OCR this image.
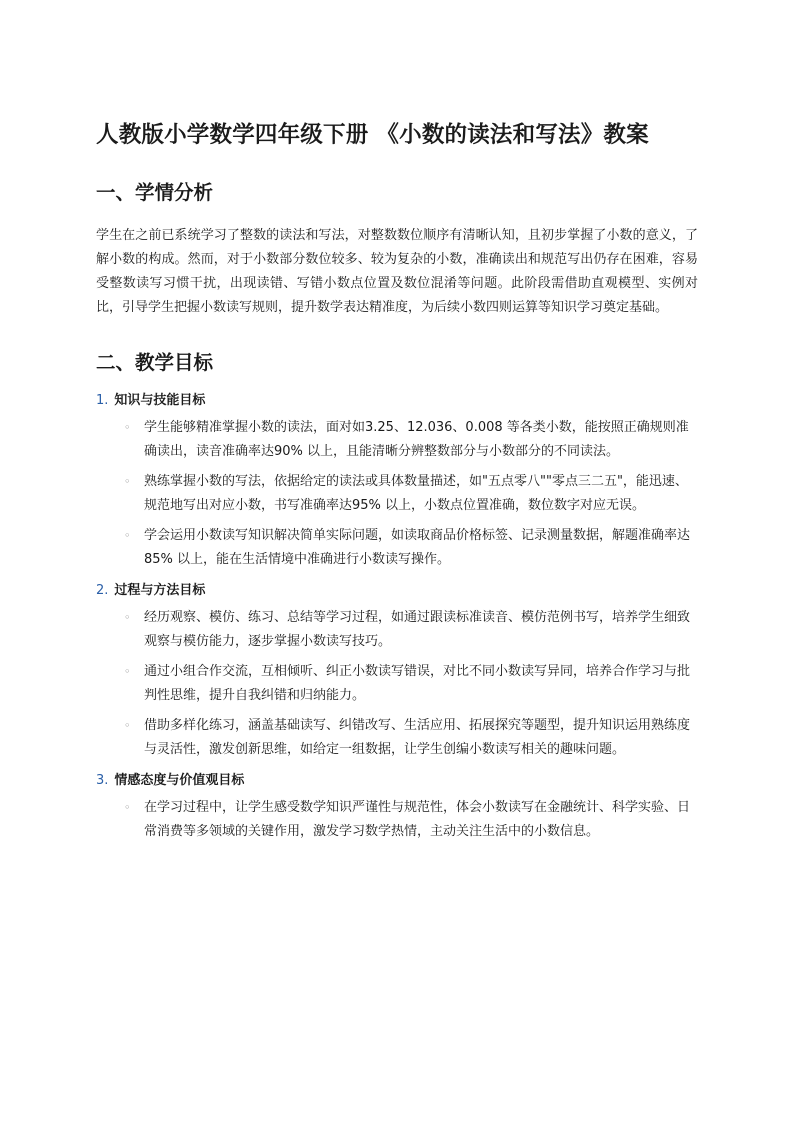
人教版小学数学四年级下册 《小数的读法和写法》教案
一、学情分析

学生在之前已系统学习了整数的读法和写法，对整数数位顺序有清晰认知，且初步掌握了小数的意义，了解小数的构成。然而，对于小数部分数位较多、较为复杂的小数，准确读出和规范写出仍存在困难，容易受整数读写习惯干扰，出现读错、写错小数点位置及数位混淆等问题。此阶段需借助直观模型、实例对比，引导学生把握小数读写规则，提升数学表达精准度，为后续小数四则运算等知识学习奠定基础。

二、教学目标
1. 知识与技能目标
◦ 学生能够精准掌握小数的读法，面对如3.25、12.036、0.008 等各类小数，能按照正确规则准确读出，读音准确率达90% 以上，且能清晰分辨整数部分与小数部分的不同读法。
◦ 熟练掌握小数的写法，依据给定的读法或具体数量描述，如"五点零八""零点三二五"，能迅速、规范地写出对应小数，书写准确率达95% 以上，小数点位置准确，数位数字对应无误。
◦ 学会运用小数读写知识解决简单实际问题，如读取商品价格标签、记录测量数据，解题准确率达85% 以上，能在生活情境中准确进行小数读写操作。
2. 过程与方法目标
◦ 经历观察、模仿、练习、总结等学习过程，如通过跟读标准读音、模仿范例书写，培养学生细致观察与模仿能力，逐步掌握小数读写技巧。
◦ 通过小组合作交流，互相倾听、纠正小数读写错误，对比不同小数读写异同，培养合作学习与批判性思维，提升自我纠错和归纳能力。
◦ 借助多样化练习，涵盖基础读写、纠错改写、生活应用、拓展探究等题型，提升知识运用熟练度与灵活性，激发创新思维，如给定一组数据，让学生创编小数读写相关的趣味问题。
3. 情感态度与价值观目标
◦ 在学习过程中，让学生感受数学知识严谨性与规范性，体会小数读写在金融统计、科学实验、日常消费等多领域的关键作用，激发学习数学热情，主动关注生活中的小数信息。
